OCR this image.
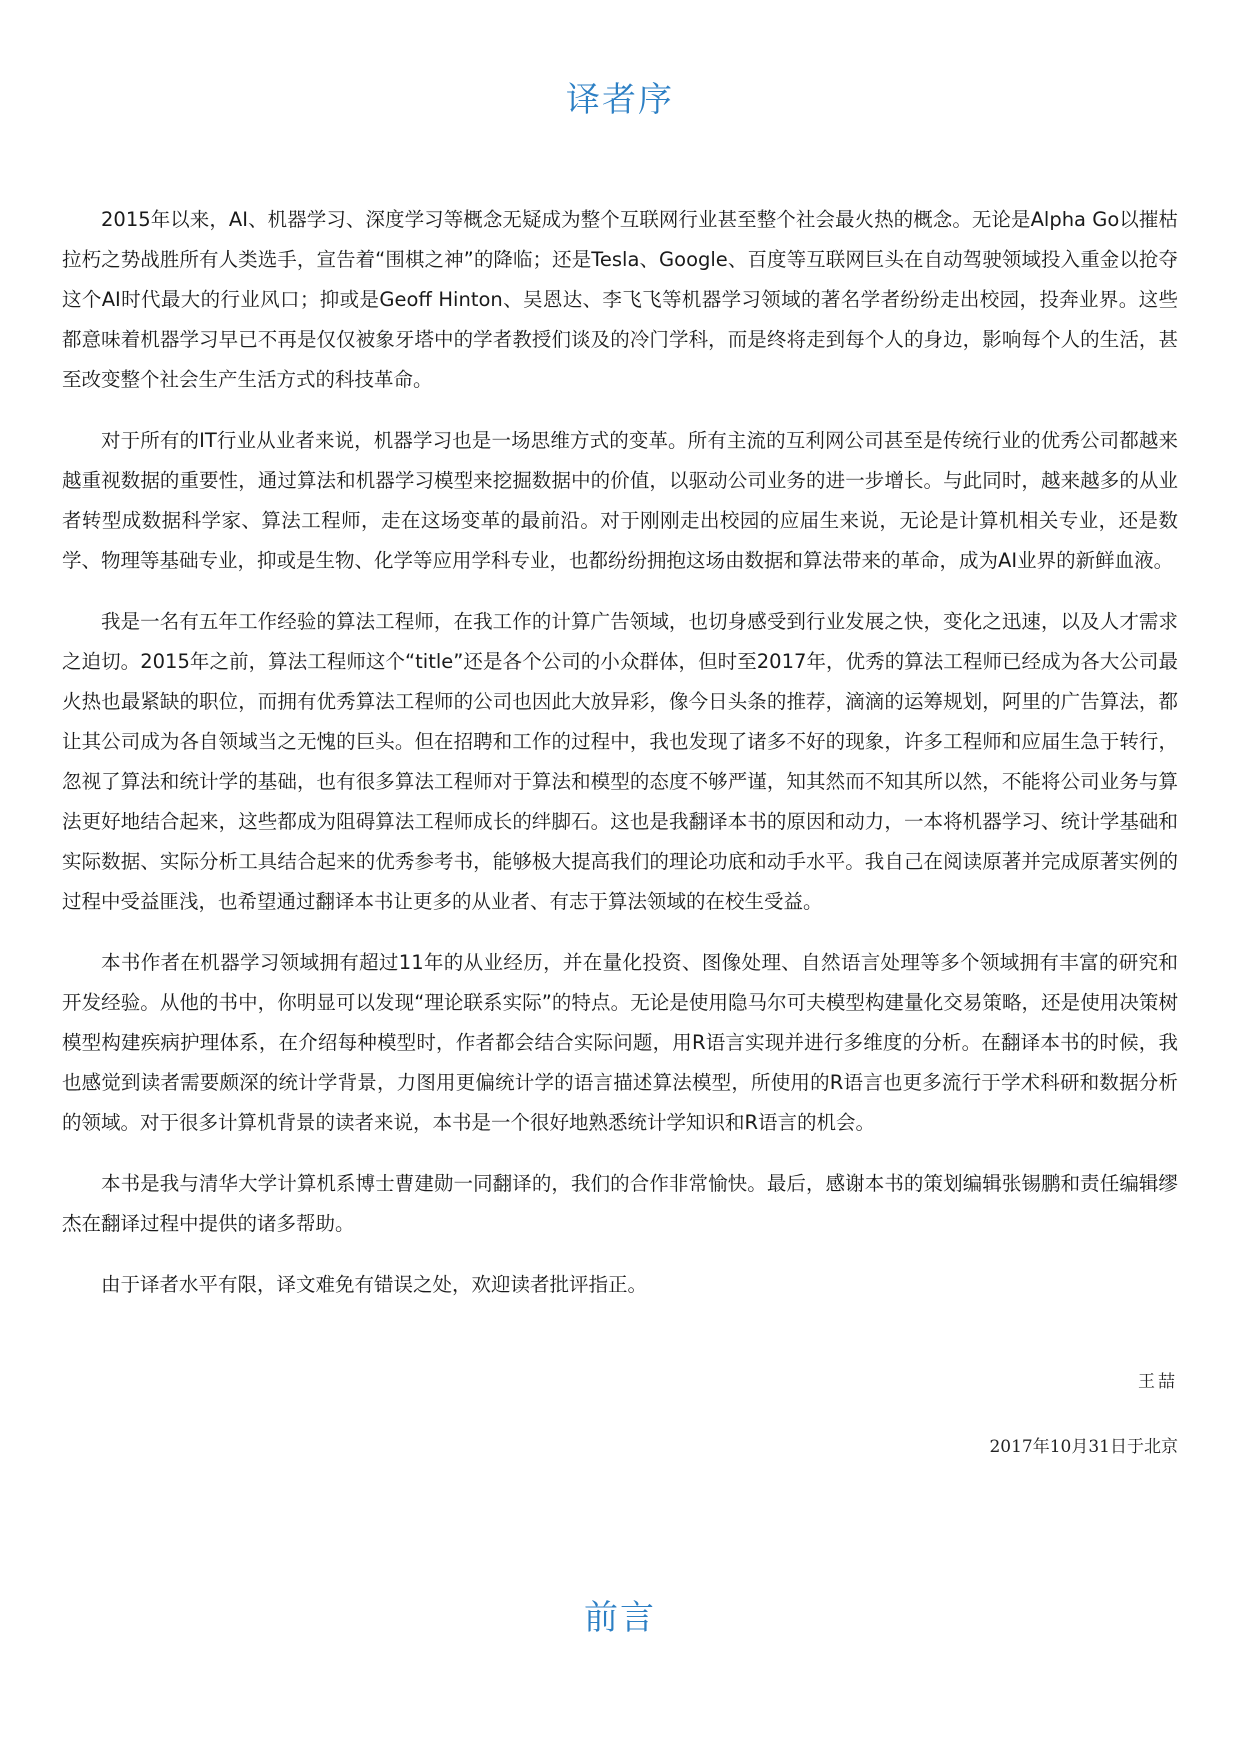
译者序

2015年以来，AI、机器学习、深度学习等概念无疑成为整个互联网行业甚至整个社会最火热的概念。无论是Alpha Go以摧枯拉朽之势战胜所有人类选手，宣告着“围棋之神”的降临；还是Tesla、Google、百度等互联网巨头在自动驾驶领域投入重金以抢夺这个AI时代最大的行业风口；抑或是Geoff Hinton、吴恩达、李飞飞等机器学习领域的著名学者纷纷走出校园，投奔业界。这些都意味着机器学习早已不再是仅仅被象牙塔中的学者教授们谈及的冷门学科，而是终将走到每个人的身边，影响每个人的生活，甚至改变整个社会生产生活方式的科技革命。

对于所有的IT行业从业者来说，机器学习也是一场思维方式的变革。所有主流的互利网公司甚至是传统行业的优秀公司都越来越重视数据的重要性，通过算法和机器学习模型来挖掘数据中的价值，以驱动公司业务的进一步增长。与此同时，越来越多的从业者转型成数据科学家、算法工程师，走在这场变革的最前沿。对于刚刚走出校园的应届生来说，无论是计算机相关专业，还是数学、物理等基础专业，抑或是生物、化学等应用学科专业，也都纷纷拥抱这场由数据和算法带来的革命，成为AI业界的新鲜血液。

我是一名有五年工作经验的算法工程师，在我工作的计算广告领域，也切身感受到行业发展之快，变化之迅速，以及人才需求之迫切。2015年之前，算法工程师这个“title”还是各个公司的小众群体，但时至2017年，优秀的算法工程师已经成为各大公司最火热也最紧缺的职位，而拥有优秀算法工程师的公司也因此大放异彩，像今日头条的推荐，滴滴的运筹规划，阿里的广告算法，都让其公司成为各自领域当之无愧的巨头。但在招聘和工作的过程中，我也发现了诸多不好的现象，许多工程师和应届生急于转行，忽视了算法和统计学的基础，也有很多算法工程师对于算法和模型的态度不够严谨，知其然而不知其所以然，不能将公司业务与算法更好地结合起来，这些都成为阻碍算法工程师成长的绊脚石。这也是我翻译本书的原因和动力，一本将机器学习、统计学基础和实际数据、实际分析工具结合起来的优秀参考书，能够极大提高我们的理论功底和动手水平。我自己在阅读原著并完成原著实例的过程中受益匪浅，也希望通过翻译本书让更多的从业者、有志于算法领域的在校生受益。

本书作者在机器学习领域拥有超过11年的从业经历，并在量化投资、图像处理、自然语言处理等多个领域拥有丰富的研究和开发经验。从他的书中，你明显可以发现“理论联系实际”的特点。无论是使用隐马尔可夫模型构建量化交易策略，还是使用决策树模型构建疾病护理体系，在介绍每种模型时，作者都会结合实际问题，用R语言实现并进行多维度的分析。在翻译本书的时候，我也感觉到读者需要颇深的统计学背景，力图用更偏统计学的语言描述算法模型，所使用的R语言也更多流行于学术科研和数据分析的领域。对于很多计算机背景的读者来说，本书是一个很好地熟悉统计学知识和R语言的机会。

本书是我与清华大学计算机系博士曹建勋一同翻译的，我们的合作非常愉快。最后，感谢本书的策划编辑张锡鹏和责任编辑缪杰在翻译过程中提供的诸多帮助。

由于译者水平有限，译文难免有错误之处，欢迎读者批评指正。

王喆
2017年10月31日于北京
前言
